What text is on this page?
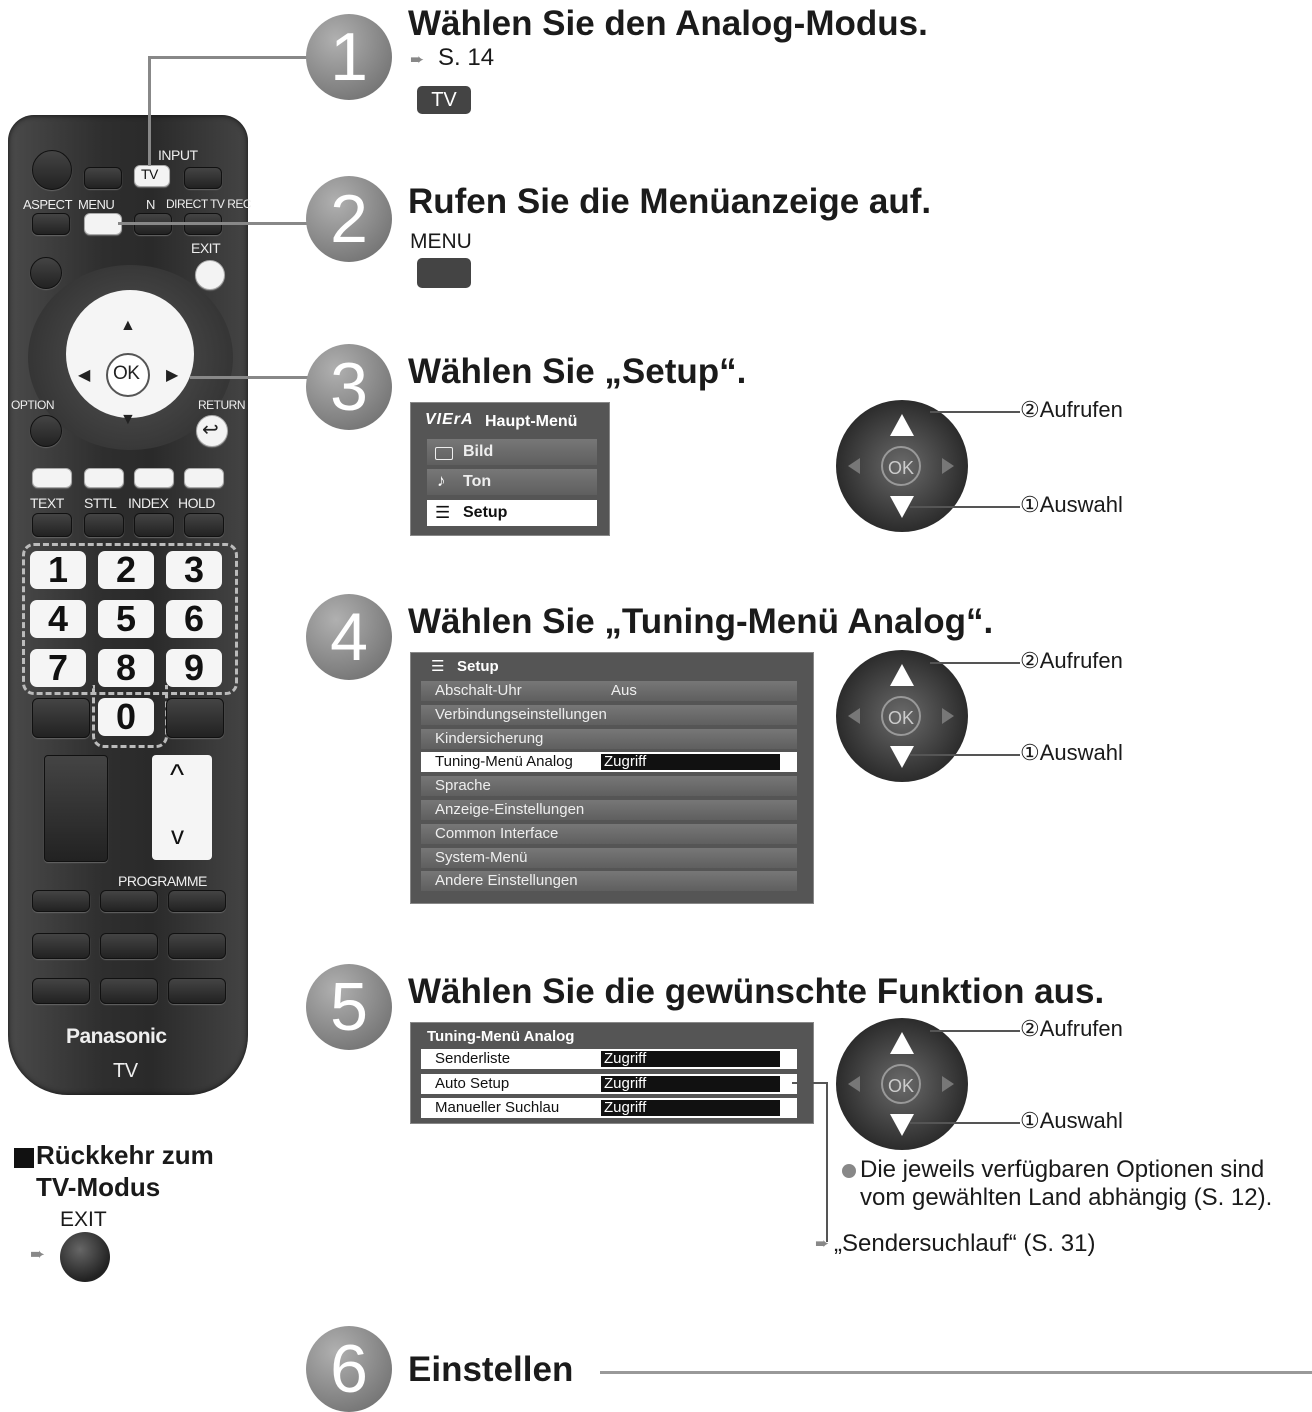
TV
INPUT
ASPECT MENU N DIRECT TV REC
EXIT
OK
▲
▼
◀	▶
OPTION	RETURN
↩
TEXT STTL INDEX HOLD
1	2	3
4	5	6
7	8	9
0
^
v
PROGRAMME
Panasonic
TV
Rückkehr zum
TV-Modus
EXIT
➨
1	Wählen Sie den Analog-Modus.
➨ S. 14
TV
2	Rufen Sie die Menüanzeige auf.
MENU
3	Wählen Sie „Setup“.
VIErA Haupt-Menü
Bild
Ton
♪
Setup
☰
OK
②Aufrufen
①Auswahl
4	Wählen Sie „Tuning-Menü Analog“.
☰ Setup
Abschalt-Uhr	Aus
Verbindungseinstellungen
Kindersicherung
Tuning-Menü Analog Zugriff
Sprache
Anzeige-Einstellungen
Common Interface
System-Menü
Andere Einstellungen
OK
②Aufrufen
①Auswahl
5	Wählen Sie die gewünschte Funktion aus.
Tuning-Menü Analog
Senderliste	Zugriff
Auto Setup	Zugriff
Manueller Suchlau	Zugriff
OK
②Aufrufen
①Auswahl
Die jeweils verfügbaren Optionen sind
vom gewählten Land abhängig (S. 12).
➨ „Sendersuchlauf“ (S. 31)
6	Einstellen
